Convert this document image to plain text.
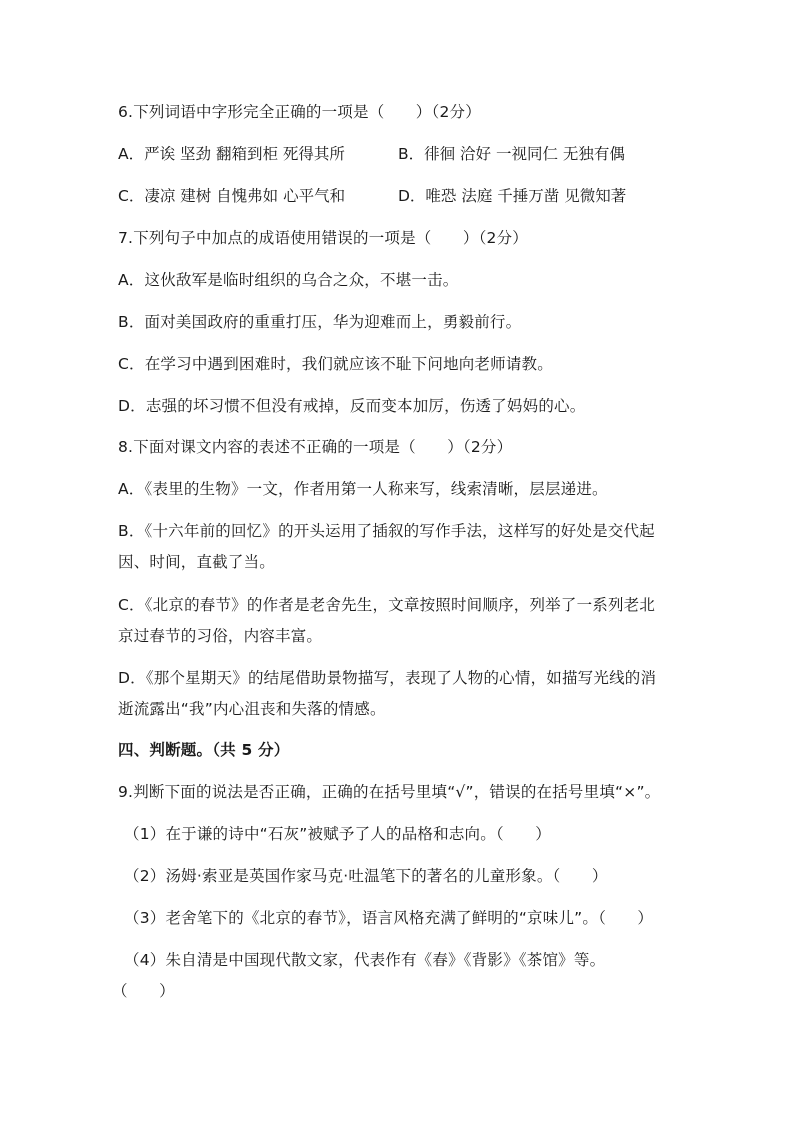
6.下列词语中字形完全正确的一项是（　　）（2分）
A．严诶 坚劲 翻箱到柜 死得其所	B．徘徊 洽好 一视同仁 无独有偶
C．凄凉 建树 自愧弗如 心平气和	D．唯恐 法庭 千捶万凿 见微知著
7.下列句子中加点的成语使用错误的一项是（　　）（2分）
A．这伙敌军是临时组织的乌合之众，不堪一击。
B．面对美国政府的重重打压，华为迎难而上，勇毅前行。
C．在学习中遇到困难时，我们就应该不耻下问地向老师请教。
D．志强的坏习惯不但没有戒掉，反而变本加厉，伤透了妈妈的心。
8.下面对课文内容的表述不正确的一项是（　　）（2分）
A．《表里的生物》一文，作者用第一人称来写，线索清晰，层层递进。
B．《十六年前的回忆》的开头运用了插叙的写作手法，这样写的好处是交代起
因、时间，直截了当。
C．《北京的春节》的作者是老舍先生，文章按照时间顺序，列举了一系列老北
京过春节的习俗，内容丰富。
D．《那个星期天》的结尾借助景物描写，表现了人物的心情，如描写光线的消
逝流露出“我”内心沮丧和失落的情感。
四、判断题。（共 5 分）
9.判断下面的说法是否正确，正确的在括号里填“√”，错误的在括号里填“×”。
（1）在于谦的诗中“石灰”被赋予了人的品格和志向。（　　）
（2）汤姆·索亚是英国作家马克·吐温笔下的著名的儿童形象。（　　）
（3）老舍笔下的《北京的春节》，语言风格充满了鲜明的“京味儿”。（　　）
（4）朱自清是中国现代散文家，代表作有《春》《背影》《茶馆》等。
（　　）
